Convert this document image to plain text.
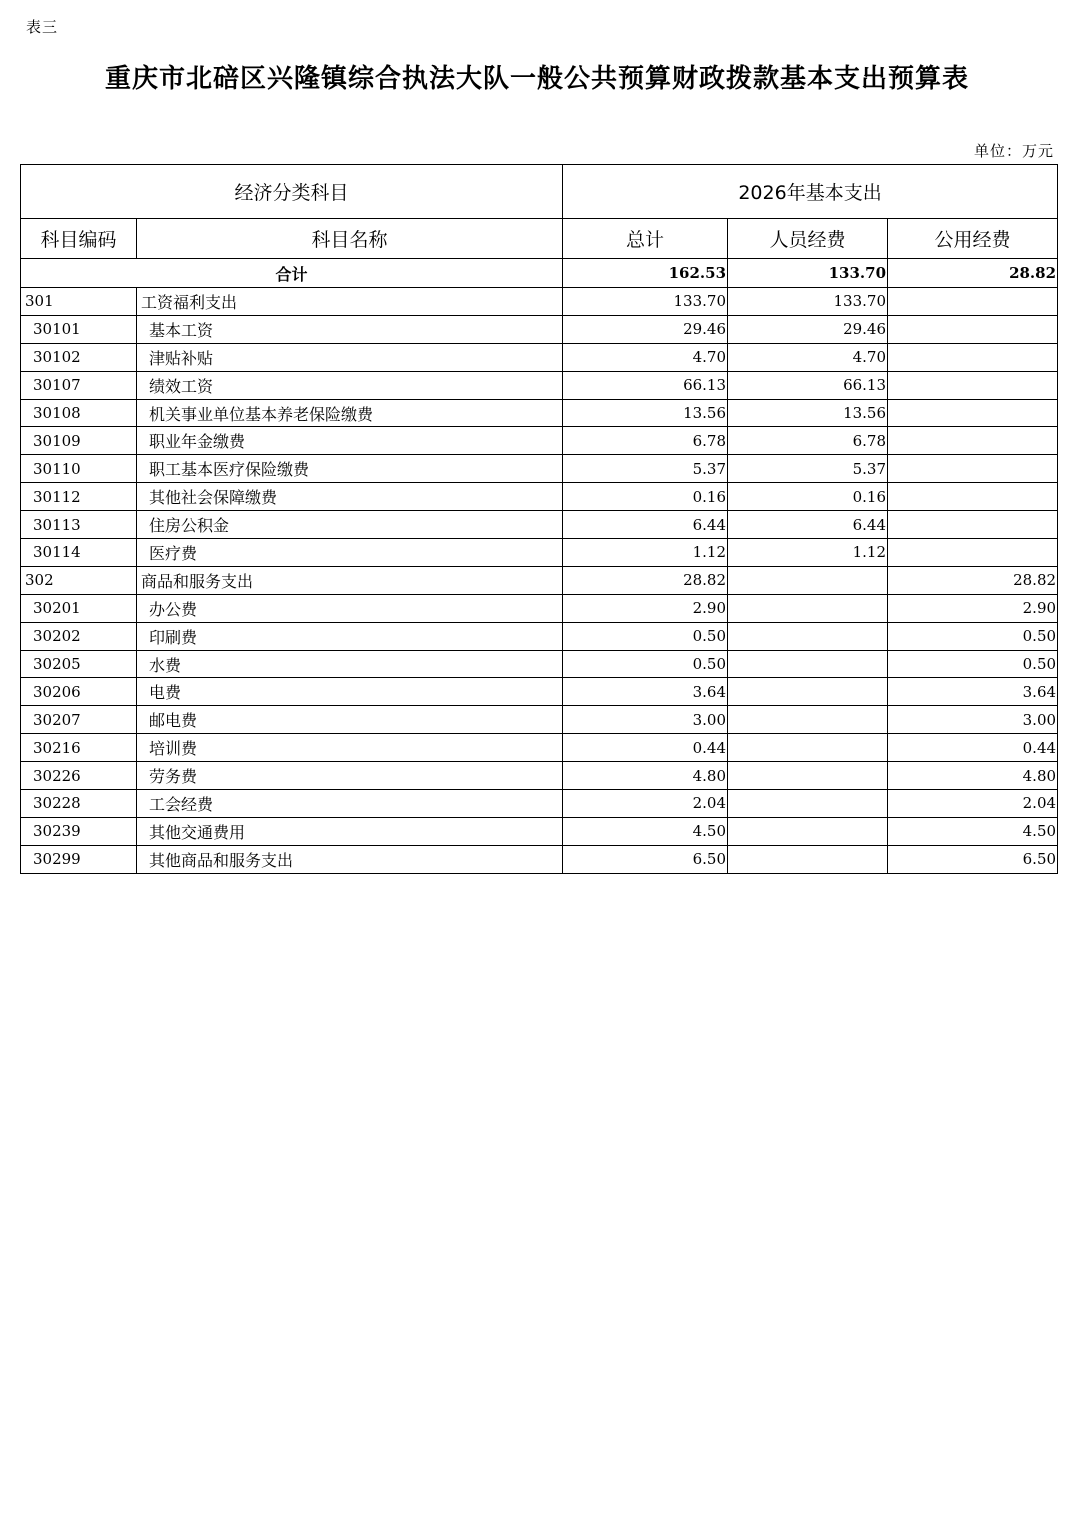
表三
重庆市北碚区兴隆镇综合执法大队一般公共预算财政拨款基本支出预算表
单位：万元
经济分类科目		2026年基本支出		
科目编码	科目名称	总计	人员经费	公用经费
合计		162.53	133.70	28.82
301	工资福利支出	133.70	133.70	
30101	基本工资	29.46	29.46	
30102	津贴补贴	4.70	4.70	
30107	绩效工资	66.13	66.13	
30108	机关事业单位基本养老保险缴费	13.56	13.56	
30109	职业年金缴费	6.78	6.78	
30110	职工基本医疗保险缴费	5.37	5.37	
30112	其他社会保障缴费	0.16	0.16	
30113	住房公积金	6.44	6.44	
30114	医疗费	1.12	1.12	
302	商品和服务支出	28.82		28.82
30201	办公费	2.90		2.90
30202	印刷费	0.50		0.50
30205	水费	0.50		0.50
30206	电费	3.64		3.64
30207	邮电费	3.00		3.00
30216	培训费	0.44		0.44
30226	劳务费	4.80		4.80
30228	工会经费	2.04		2.04
30239	其他交通费用	4.50		4.50
30299	其他商品和服务支出	6.50		6.50
